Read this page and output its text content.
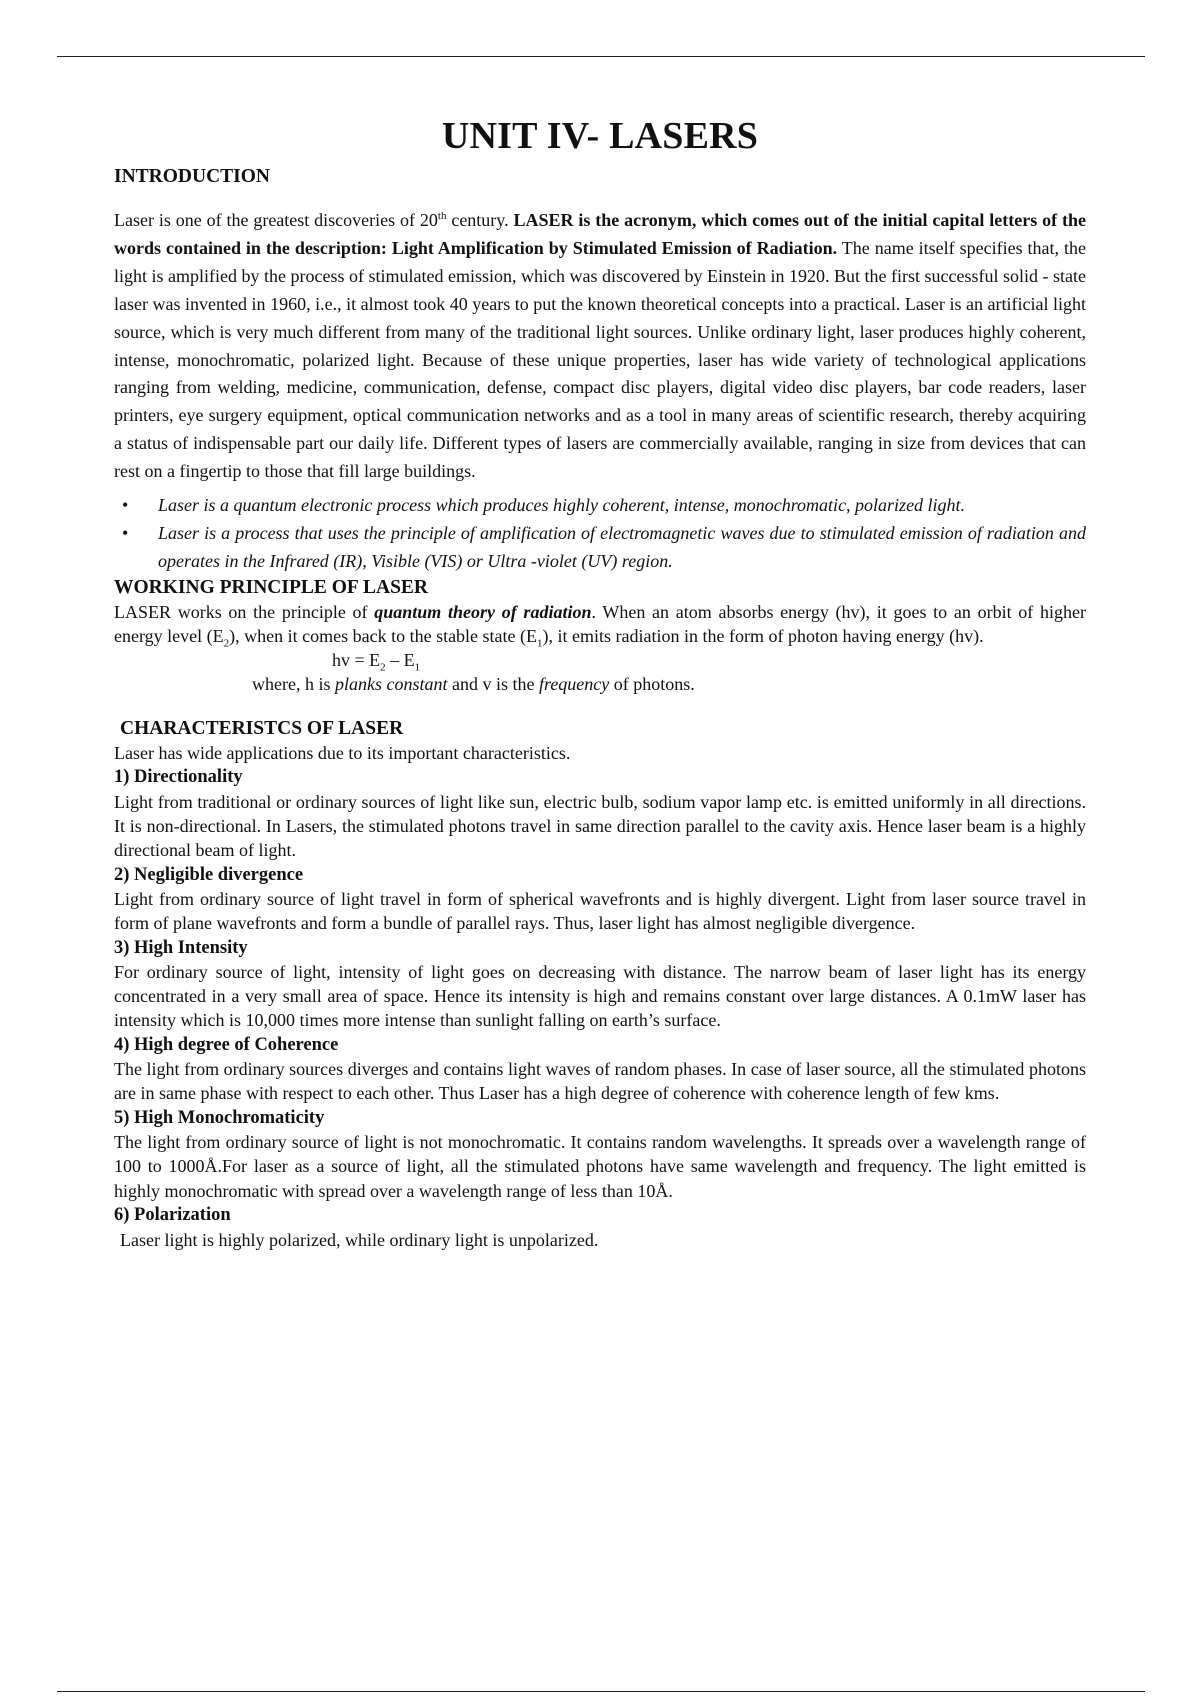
UNIT IV- LASERS
INTRODUCTION

Laser is one of the greatest discoveries of 20th century. LASER is the acronym, which comes out of the initial capital letters of the words contained in the description: Light Amplification by Stimulated Emission of Radiation. The name itself specifies that, the light is amplified by the process of stimulated emission, which was discovered by Einstein in 1920. But the first successful solid - state laser was invented in 1960, i.e., it almost took 40 years to put the known theoretical concepts into a practical. Laser is an artificial light source, which is very much different from many of the traditional light sources. Unlike ordinary light, laser produces highly coherent, intense, monochromatic, polarized light. Because of these unique properties, laser has wide variety of technological applications ranging from welding, medicine, communication, defense, compact disc players, digital video disc players, bar code readers, laser printers, eye surgery equipment, optical communication networks and as a tool in many areas of scientific research, thereby acquiring a status of indispensable part our daily life. Different types of lasers are commercially available, ranging in size from devices that can rest on a fingertip to those that fill large buildings.

• Laser is a quantum electronic process which produces highly coherent, intense, monochromatic, polarized light.
• Laser is a process that uses the principle of amplification of electromagnetic waves due to stimulated emission of radiation and operates in the Infrared (IR), Visible (VIS) or Ultra -violet (UV) region.
WORKING PRINCIPLE OF LASER

LASER works on the principle of quantum theory of radiation. When an atom absorbs energy (hv), it goes to an orbit of higher energy level $(E_2)$, when it comes back to the stable state $(E_1)$, it emits radiation in the form of photon having energy (hv).

hv = $E_2 - E_1$

where, h is planks constant and v is the frequency of photons.

CHARACTERISTCS OF LASER

Laser has wide applications due to its important characteristics.

1) Directionality

Light from traditional or ordinary sources of light like sun, electric bulb, sodium vapor lamp etc. is emitted uniformly in all directions. It is non-directional. In Lasers, the stimulated photons travel in same direction parallel to the cavity axis. Hence laser beam is a highly directional beam of light.

2) Negligible divergence

Light from ordinary source of light travel in form of spherical wavefronts and is highly divergent. Light from laser source travel in form of plane wavefronts and form a bundle of parallel rays. Thus, laser light has almost negligible divergence.

3) High Intensity

For ordinary source of light, intensity of light goes on decreasing with distance. The narrow beam of laser light has its energy concentrated in a very small area of space. Hence its intensity is high and remains constant over large distances. A 0.1mW laser has intensity which is 10,000 times more intense than sunlight falling on earth’s surface.

4) High degree of Coherence

The light from ordinary sources diverges and contains light waves of random phases. In case of laser source, all the stimulated photons are in same phase with respect to each other. Thus Laser has a high degree of coherence with coherence length of few kms.

5) High Monochromaticity

The light from ordinary source of light is not monochromatic. It contains random wavelengths. It spreads over a wavelength range of 100 to 1000Å.For laser as a source of light, all the stimulated photons have same wavelength and frequency. The light emitted is highly monochromatic with spread over a wavelength range of less than 10Å.

6) Polarization

Laser light is highly polarized, while ordinary light is unpolarized.
